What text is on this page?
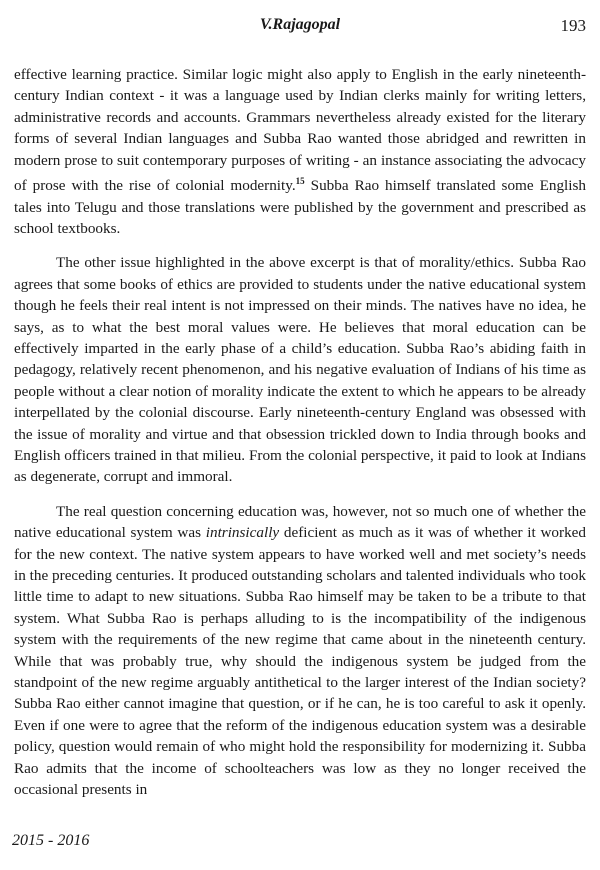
V.Rajagopal	193

effective learning practice. Similar logic might also apply to English in the early nineteenth-century Indian context - it was a language used by Indian clerks mainly for writing letters, administrative records and accounts. Grammars nevertheless already existed for the literary forms of several Indian languages and Subba Rao wanted those abridged and rewritten in modern prose to suit contemporary purposes of writing - an instance associating the advocacy of prose with the rise of colonial modernity.$^{15}$ Subba Rao himself translated some English tales into Telugu and those translations were published by the government and prescribed as school textbooks.

The other issue highlighted in the above excerpt is that of morality/ethics. Subba Rao agrees that some books of ethics are provided to students under the native educational system though he feels their real intent is not impressed on their minds. The natives have no idea, he says, as to what the best moral values were. He believes that moral education can be effectively imparted in the early phase of a child’s education. Subba Rao’s abiding faith in pedagogy, relatively recent phenomenon, and his negative evaluation of Indians of his time as people without a clear notion of morality indicate the extent to which he appears to be already interpellated by the colonial discourse. Early nineteenth-century England was obsessed with the issue of morality and virtue and that obsession trickled down to India through books and English officers trained in that milieu. From the colonial perspective, it paid to look at Indians as degenerate, corrupt and immoral.

The real question concerning education was, however, not so much one of whether the native educational system was intrinsically deficient as much as it was of whether it worked for the new context. The native system appears to have worked well and met society’s needs in the preceding centuries. It produced outstanding scholars and talented individuals who took little time to adapt to new situations. Subba Rao himself may be taken to be a tribute to that system. What Subba Rao is perhaps alluding to is the incompatibility of the indigenous system with the requirements of the new regime that came about in the nineteenth century. While that was probably true, why should the indigenous system be judged from the standpoint of the new regime arguably antithetical to the larger interest of the Indian society? Subba Rao either cannot imagine that question, or if he can, he is too careful to ask it openly. Even if one were to agree that the reform of the indigenous education system was a desirable policy, question would remain of who might hold the responsibility for modernizing it. Subba Rao admits that the income of schoolteachers was low as they no longer received the occasional presents in

2015 - 2016
